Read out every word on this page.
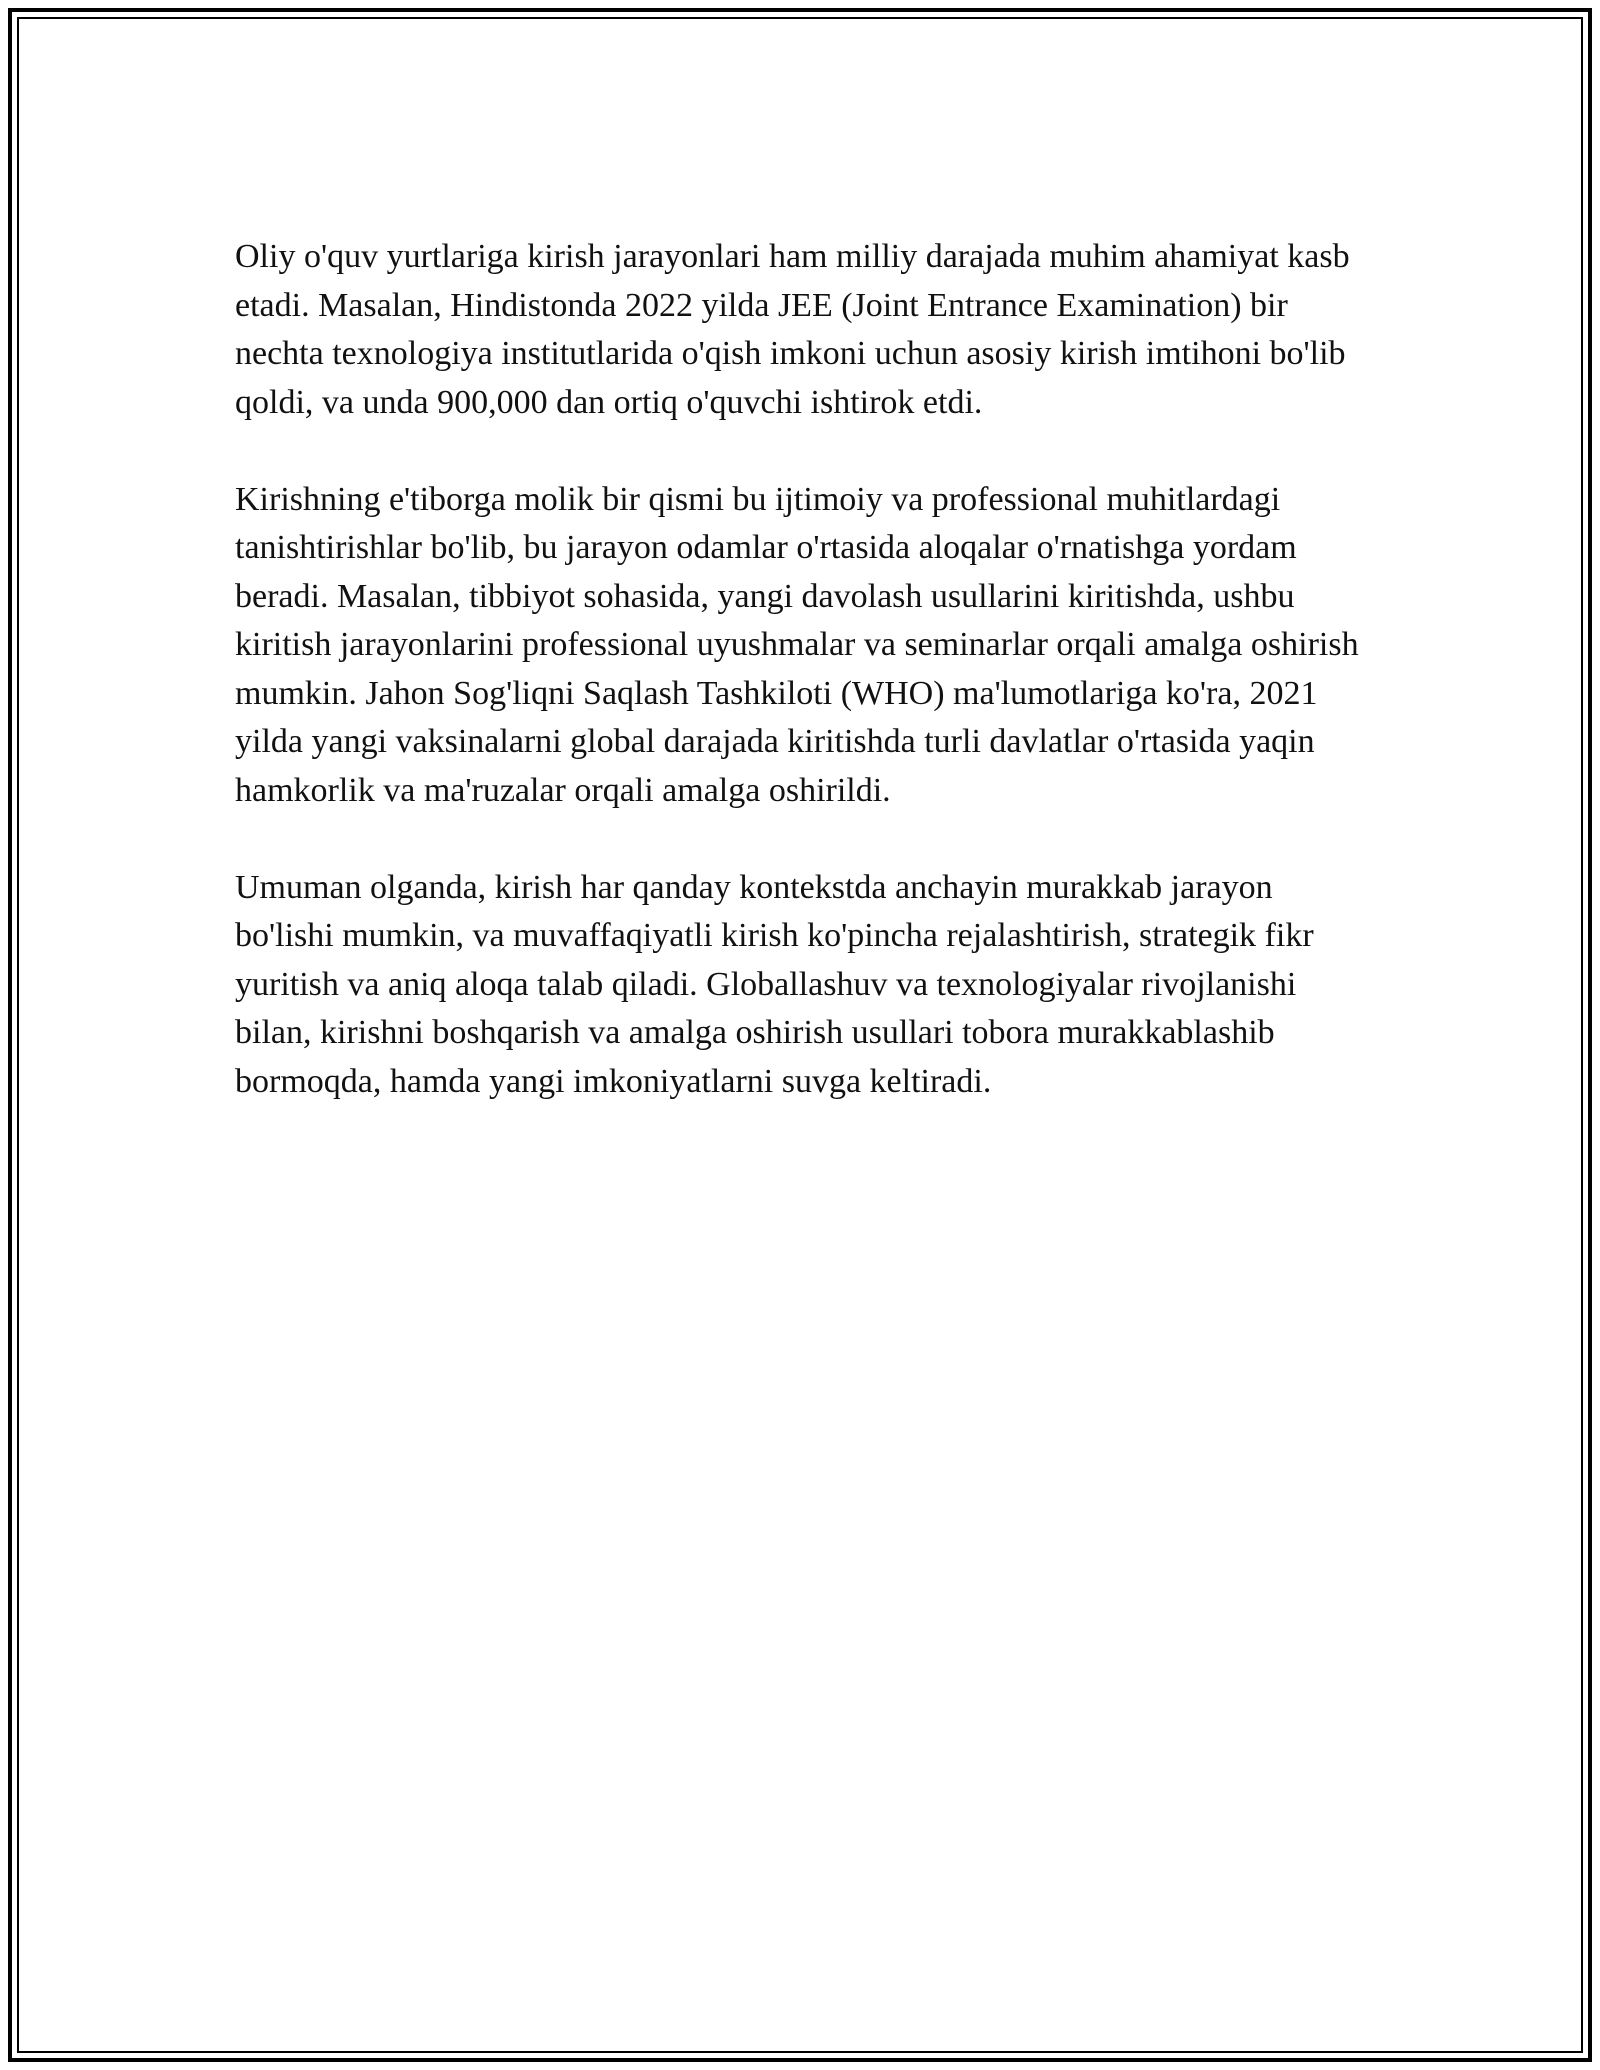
Oliy o'quv yurtlariga kirish jarayonlari ham milliy darajada muhim ahamiyat kasb etadi. Masalan, Hindistonda 2022 yilda JEE (Joint Entrance Examination) bir nechta texnologiya institutlarida o'qish imkoni uchun asosiy kirish imtihoni bo'lib qoldi, va unda 900,000 dan ortiq o'quvchi ishtirok etdi.

Kirishning e'tiborga molik bir qismi bu ijtimoiy va professional muhitlardagi tanishtirishlar bo'lib, bu jarayon odamlar o'rtasida aloqalar o'rnatishga yordam beradi. Masalan, tibbiyot sohasida, yangi davolash usullarini kiritishda, ushbu kiritish jarayonlarini professional uyushmalar va seminarlar orqali amalga oshirish mumkin. Jahon Sog'liqni Saqlash Tashkiloti (WHO) ma'lumotlariga ko'ra, 2021 yilda yangi vaksinalarni global darajada kiritishda turli davlatlar o'rtasida yaqin hamkorlik va ma'ruzalar orqali amalga oshirildi.

Umuman olganda, kirish har qanday kontekstda anchayin murakkab jarayon bo'lishi mumkin, va muvaffaqiyatli kirish ko'pincha rejalashtirish, strategik fikr yuritish va aniq aloqa talab qiladi. Globallashuv va texnologiyalar rivojlanishi bilan, kirishni boshqarish va amalga oshirish usullari tobora murakkablashib bormoqda, hamda yangi imkoniyatlarni suvga keltiradi.
